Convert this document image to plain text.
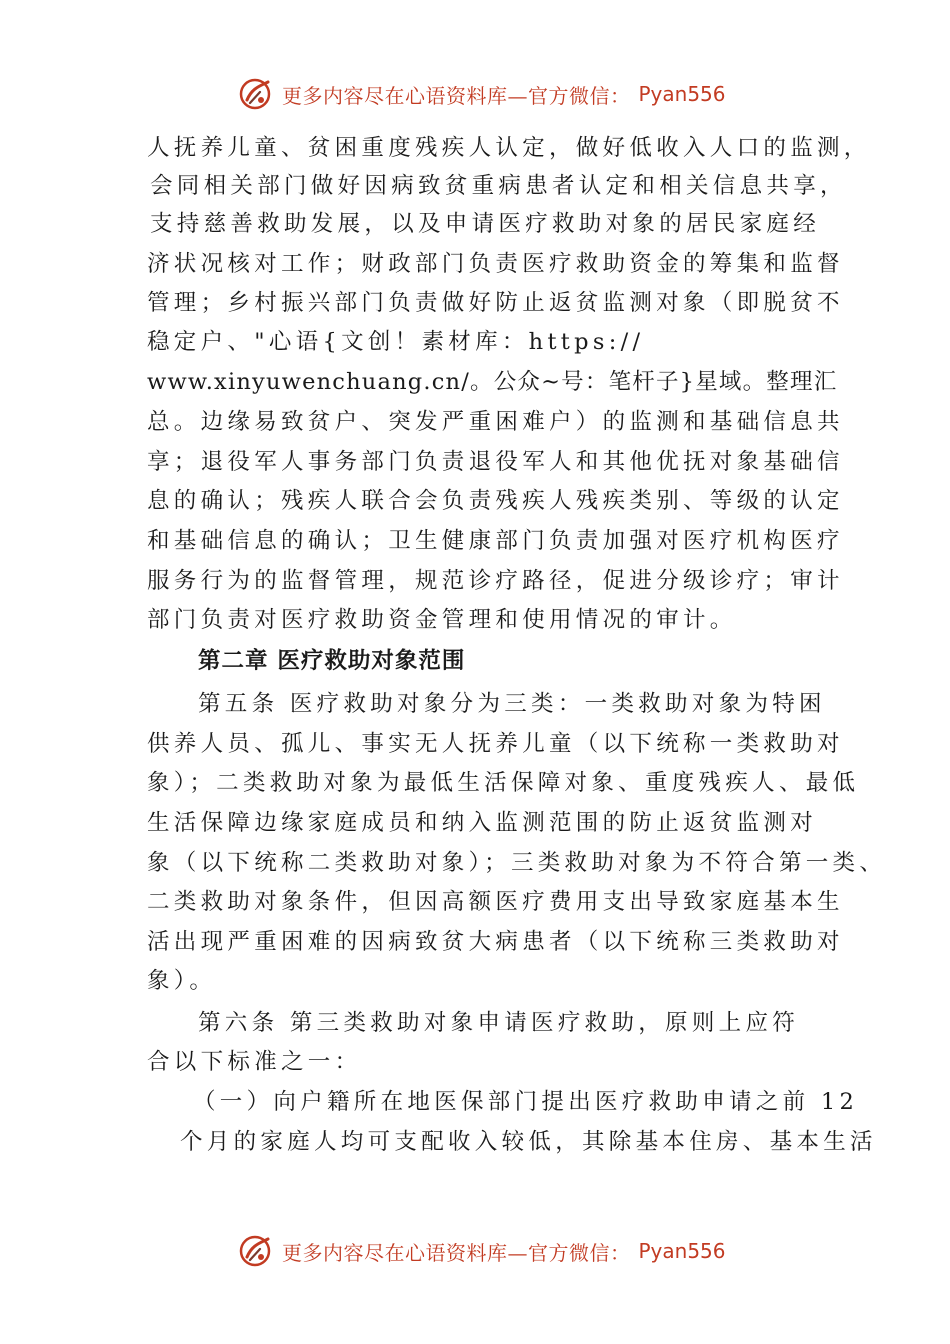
更多内容尽在心语资料库—官方微信： Pyan556
人抚养儿童、贫困重度残疾人认定，做好低收入人口的监测，
会同相关部门做好因病致贫重病患者认定和相关信息共享，
支持慈善救助发展，以及申请医疗救助对象的居民家庭经
济状况核对工作；财政部门负责医疗救助资金的筹集和监督
管理；乡村振兴部门负责做好防止返贫监测对象（即脱贫不
稳定户、"心语{文创！素材库：https://
www.xinyuwenchuang.cn/。公众~号：笔杆子}星域。整理汇
总。边缘易致贫户、突发严重困难户）的监测和基础信息共
享；退役军人事务部门负责退役军人和其他优抚对象基础信
息的确认；残疾人联合会负责残疾人残疾类别、等级的认定
和基础信息的确认；卫生健康部门负责加强对医疗机构医疗
服务行为的监督管理，规范诊疗路径，促进分级诊疗；审计
部门负责对医疗救助资金管理和使用情况的审计。
第二章 医疗救助对象范围
第五条 医疗救助对象分为三类：一类救助对象为特困
供养人员、孤儿、事实无人抚养儿童（以下统称一类救助对
象）；二类救助对象为最低生活保障对象、重度残疾人、最低
生活保障边缘家庭成员和纳入监测范围的防止返贫监测对
象（以下统称二类救助对象）；三类救助对象为不符合第一类、
二类救助对象条件，但因高额医疗费用支出导致家庭基本生
活出现严重困难的因病致贫大病患者（以下统称三类救助对
象）。
第六条 第三类救助对象申请医疗救助，原则上应符
合以下标准之一：
（一）向户籍所在地医保部门提出医疗救助申请之前 12
个月的家庭人均可支配收入较低，其除基本住房、基本生活
更多内容尽在心语资料库—官方微信： Pyan556
